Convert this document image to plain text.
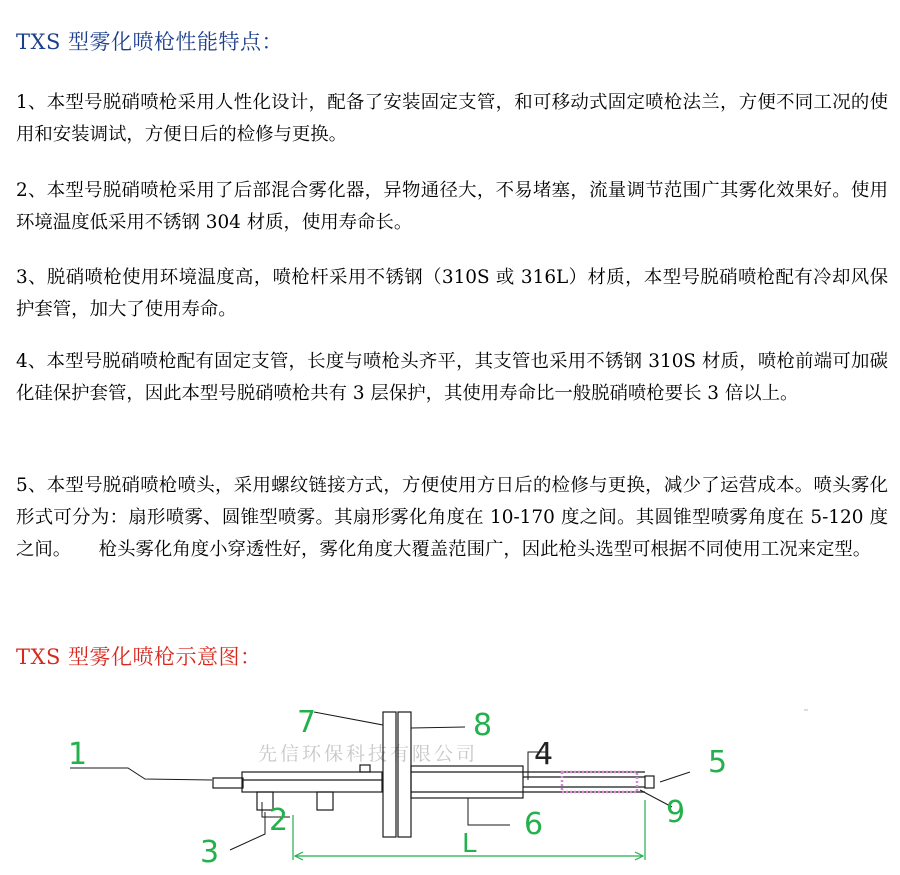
TXS 型雾化喷枪性能特点：

1、本型号脱硝喷枪采用人性化设计，配备了安装固定支管，和可移动式固定喷枪法兰，方便不同工况的使用和安装调试，方便日后的检修与更换。

2、本型号脱硝喷枪采用了后部混合雾化器，异物通径大，不易堵塞，流量调节范围广其雾化效果好。使用环境温度低采用不锈钢 304 材质，使用寿命长。

3、脱硝喷枪使用环境温度高，喷枪杆采用不锈钢（310S 或 316L）材质，本型号脱硝喷枪配有冷却风保护套管，加大了使用寿命。

4、本型号脱硝喷枪配有固定支管，长度与喷枪头齐平，其支管也采用不锈钢 310S 材质，喷枪前端可加碳化硅保护套管，因此本型号脱硝喷枪共有 3 层保护，其使用寿命比一般脱硝喷枪要长 3 倍以上。

5、本型号脱硝喷枪喷头，采用螺纹链接方式，方便使用方日后的检修与更换，减少了运营成本。喷头雾化形式可分为：扇形喷雾、圆锥型喷雾。其扇形雾化角度在 10-170 度之间。其圆锥型喷雾角度在 5-120 度之间。　　枪头雾化角度小穿透性好，雾化角度大覆盖范围广，因此枪头选型可根据不同使用工况来定型。

TXS 型雾化喷枪示意图：
先信环保科技有限公司
1
2
3
4	5
6
7	8
9
L
